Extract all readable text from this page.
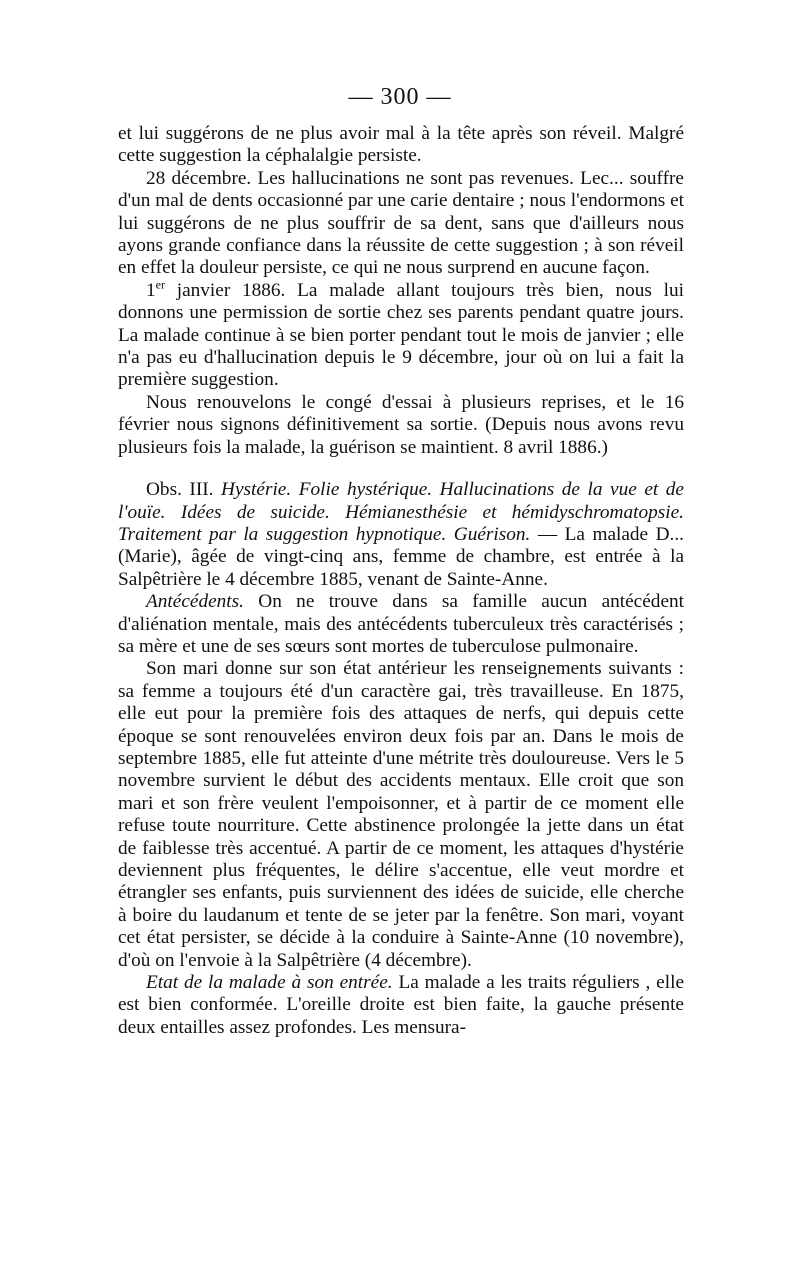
— 300 —

et lui suggérons de ne plus avoir mal à la tête après son réveil. Malgré cette suggestion la céphalalgie persiste.

28 décembre. Les hallucinations ne sont pas revenues. Lec... souffre d'un mal de dents occasionné par une carie dentaire ; nous l'endormons et lui suggérons de ne plus souffrir de sa dent, sans que d'ailleurs nous ayons grande confiance dans la réussite de cette suggestion ; à son réveil en effet la douleur persiste, ce qui ne nous surprend en aucune façon.

1er janvier 1886. La malade allant toujours très bien, nous lui donnons une permission de sortie chez ses parents pendant quatre jours. La malade continue à se bien porter pendant tout le mois de janvier ; elle n'a pas eu d'hallucination depuis le 9 décembre, jour où on lui a fait la première suggestion.

Nous renouvelons le congé d'essai à plusieurs reprises, et le 16 février nous signons définitivement sa sortie. (Depuis nous avons revu plusieurs fois la malade, la guérison se maintient. 8 avril 1886.)

Obs. III. Hystérie. Folie hystérique. Hallucinations de la vue et de l'ouïe. Idées de suicide. Hémianesthésie et hémidyschromatopsie. Traitement par la suggestion hypnotique. Guérison. — La malade D... (Marie), âgée de vingt-cinq ans, femme de chambre, est entrée à la Salpêtrière le 4 décembre 1885, venant de Sainte-Anne.

Antécédents. On ne trouve dans sa famille aucun antécédent d'aliénation mentale, mais des antécédents tuberculeux très caractérisés ; sa mère et une de ses sœurs sont mortes de tuberculose pulmonaire.

Son mari donne sur son état antérieur les renseignements suivants : sa femme a toujours été d'un caractère gai, très travailleuse. En 1875, elle eut pour la première fois des attaques de nerfs, qui depuis cette époque se sont renouvelées environ deux fois par an. Dans le mois de septembre 1885, elle fut atteinte d'une métrite très douloureuse. Vers le 5 novembre survient le début des accidents mentaux. Elle croit que son mari et son frère veulent l'empoisonner, et à partir de ce moment elle refuse toute nourriture. Cette abstinence prolongée la jette dans un état de faiblesse très accentué. A partir de ce moment, les attaques d'hystérie deviennent plus fréquentes, le délire s'accentue, elle veut mordre et étrangler ses enfants, puis surviennent des idées de suicide, elle cherche à boire du laudanum et tente de se jeter par la fenêtre. Son mari, voyant cet état persister, se décide à la conduire à Sainte-Anne (10 novembre), d'où on l'envoie à la Salpêtrière (4 décembre).

Etat de la malade à son entrée. La malade a les traits réguliers , elle est bien conformée. L'oreille droite est bien faite, la gauche présente deux entailles assez profondes. Les mensura-
